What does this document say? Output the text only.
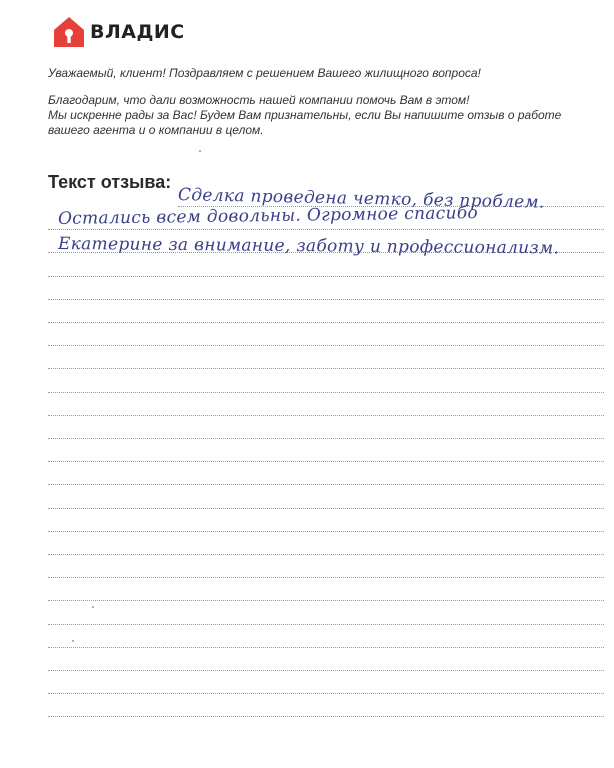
ВЛАДИС

Уважаемый, клиент! Поздравляем с решением Вашего жилищного вопроса!

Благодарим, что дали возможность нашей компании помочь Вам в этом!

Мы искренне рады за Вас! Будем Вам признательны, если Вы напишите отзыв о работе

вашего агента и о компании в целом.

Текст отзыва:
Сделка проведена четко, без проблем.
Остались всем довольны. Огромное спасибо
Екатерине за внимание, заботу и профессионализм.
